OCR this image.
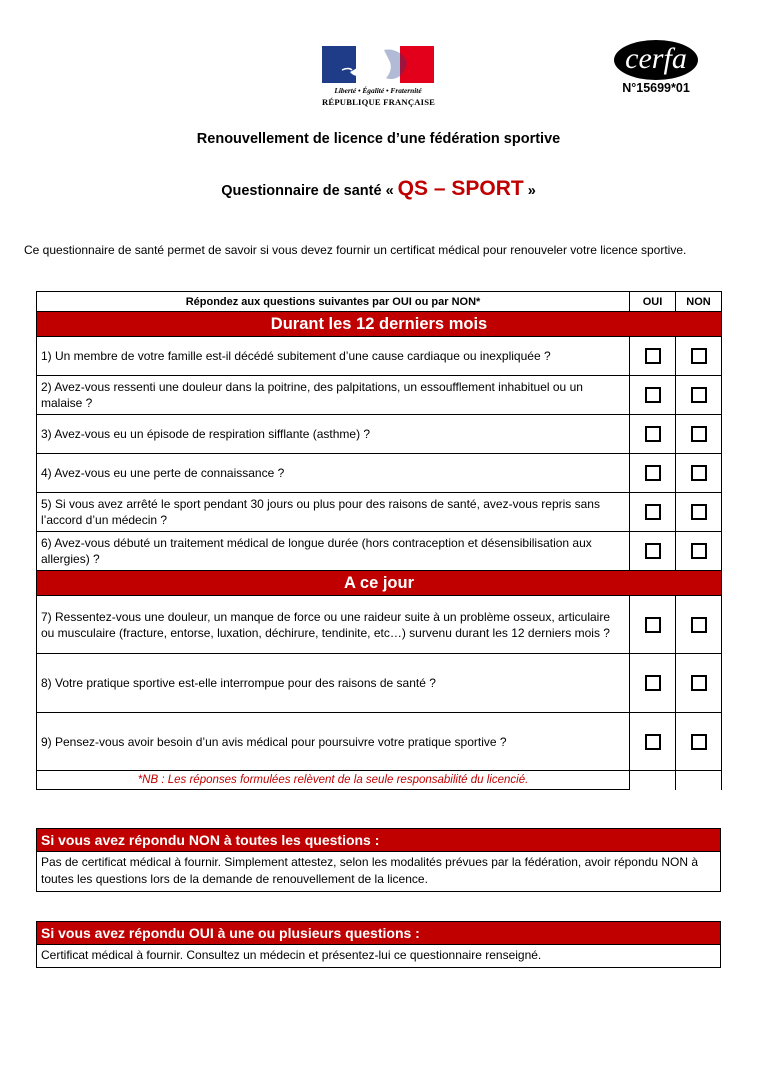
Liberté • Égalité • Fraternité
RÉPUBLIQUE FRANÇAISE
cerfa
N°15699*01
Renouvellement de licence d’une fédération sportive
Questionnaire de santé « QS – SPORT »
Ce questionnaire de santé permet de savoir si vous devez fournir un certificat médical pour renouveler votre licence sportive.
Répondez aux questions suivantes par OUI ou par NON*	OUI	NON
Durant les 12 derniers mois		
1) Un membre de votre famille est-il décédé subitement d’une cause cardiaque ou inexpliquée ?		
2) Avez-vous ressenti une douleur dans la poitrine, des palpitations, un essoufflement inhabituel ou un malaise ?		
3) Avez-vous eu un épisode de respiration sifflante (asthme) ?		
4) Avez-vous eu une perte de connaissance ?		
5) Si vous avez arrêté le sport pendant 30 jours ou plus pour des raisons de santé, avez-vous repris sans l’accord d’un médecin ?		
6) Avez-vous débuté un traitement médical de longue durée (hors contraception et désensibilisation aux allergies) ?		
A ce jour		
7) Ressentez-vous une douleur, un manque de force ou une raideur suite à un problème osseux, articulaire ou musculaire (fracture, entorse, luxation, déchirure, tendinite, etc…) survenu durant les 12 derniers mois ?		
8) Votre pratique sportive est-elle interrompue pour des raisons de santé ?		
9) Pensez-vous avoir besoin d’un avis médical pour poursuivre votre pratique sportive ?		
*NB : Les réponses formulées relèvent de la seule responsabilité du licencié.		
Si vous avez répondu NON à toutes les questions :
Pas de certificat médical à fournir. Simplement attestez, selon les modalités prévues par la fédération, avoir répondu NON à toutes les questions lors de la demande de renouvellement de la licence.
Si vous avez répondu OUI à une ou plusieurs questions :
Certificat médical à fournir. Consultez un médecin et présentez-lui ce questionnaire renseigné.
